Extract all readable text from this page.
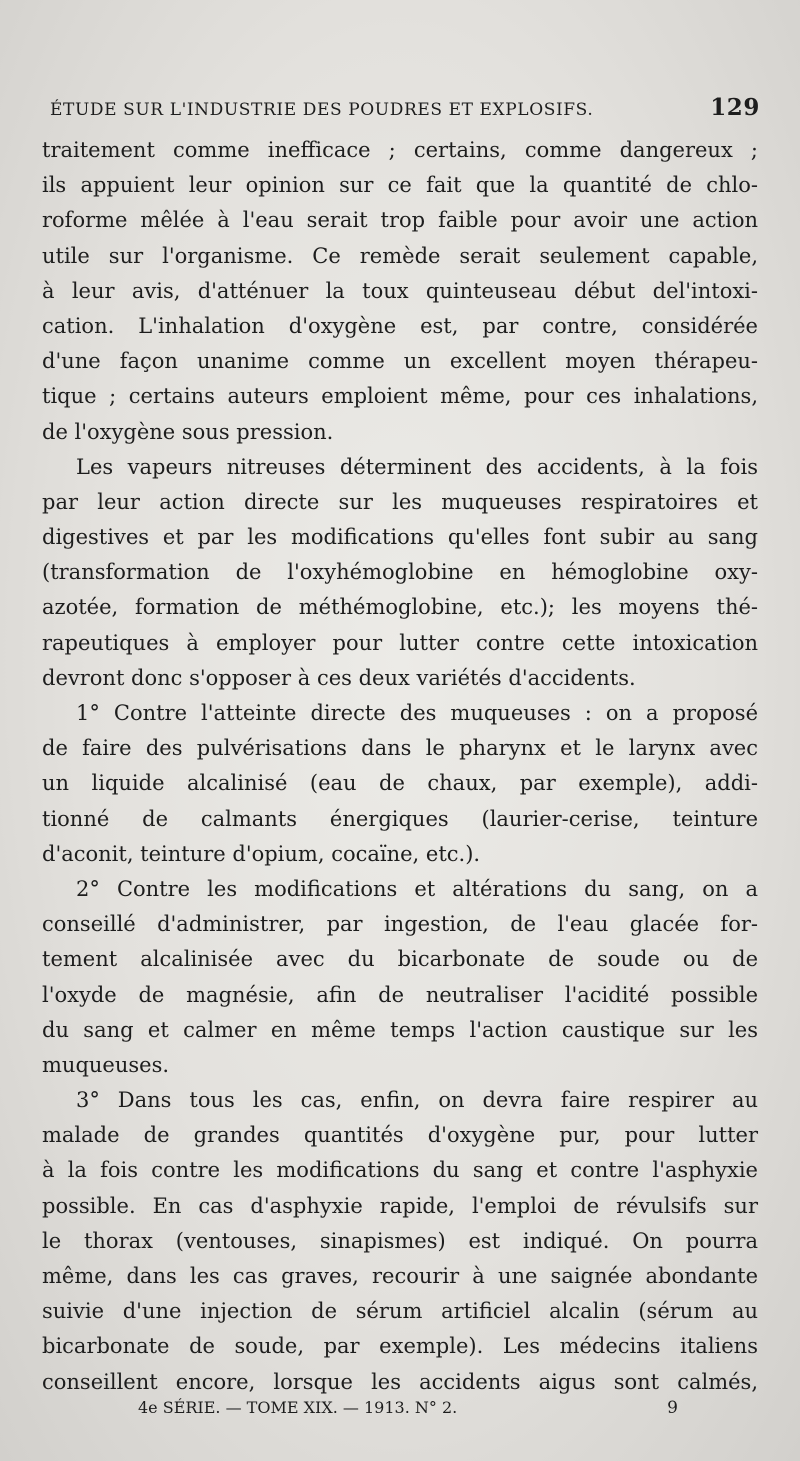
ÉTUDE SUR L'INDUSTRIE DES POUDRES ET EXPLOSIFS.	129
traitement comme inefficace ; certains, comme dangereux ;
ils appuient leur opinion sur ce fait que la quantité de chlo-
roforme mêlée à l'eau serait trop faible pour avoir une action
utile sur l'organisme. Ce remède serait seulement capable,
à leur avis, d'atténuer la toux quinteuseau début del'intoxi-
cation. L'inhalation d'oxygène est, par contre, considérée
d'une façon unanime comme un excellent moyen thérapeu-
tique ; certains auteurs emploient même, pour ces inhalations,
de l'oxygène sous pression.
Les vapeurs nitreuses déterminent des accidents, à la fois
par leur action directe sur les muqueuses respiratoires et
digestives et par les modifications qu'elles font subir au sang
(transformation de l'oxyhémoglobine en hémoglobine oxy-
azotée, formation de méthémoglobine, etc.); les moyens thé-
rapeutiques à employer pour lutter contre cette intoxication
devront donc s'opposer à ces deux variétés d'accidents.
1° Contre l'atteinte directe des muqueuses : on a proposé
de faire des pulvérisations dans le pharynx et le larynx avec
un liquide alcalinisé (eau de chaux, par exemple), addi-
tionné de calmants énergiques (laurier-cerise, teinture
d'aconit, teinture d'opium, cocaïne, etc.).
2° Contre les modifications et altérations du sang, on a
conseillé d'administrer, par ingestion, de l'eau glacée for-
tement alcalinisée avec du bicarbonate de soude ou de
l'oxyde de magnésie, afin de neutraliser l'acidité possible
du sang et calmer en même temps l'action caustique sur les
muqueuses.
3° Dans tous les cas, enfin, on devra faire respirer au
malade de grandes quantités d'oxygène pur, pour lutter
à la fois contre les modifications du sang et contre l'asphyxie
possible. En cas d'asphyxie rapide, l'emploi de révulsifs sur
le thorax (ventouses, sinapismes) est indiqué. On pourra
même, dans les cas graves, recourir à une saignée abondante
suivie d'une injection de sérum artificiel alcalin (sérum au
bicarbonate de soude, par exemple). Les médecins italiens
conseillent encore, lorsque les accidents aigus sont calmés,
4e SÉRIE. — TOME XIX. — 1913. N° 2.	9
